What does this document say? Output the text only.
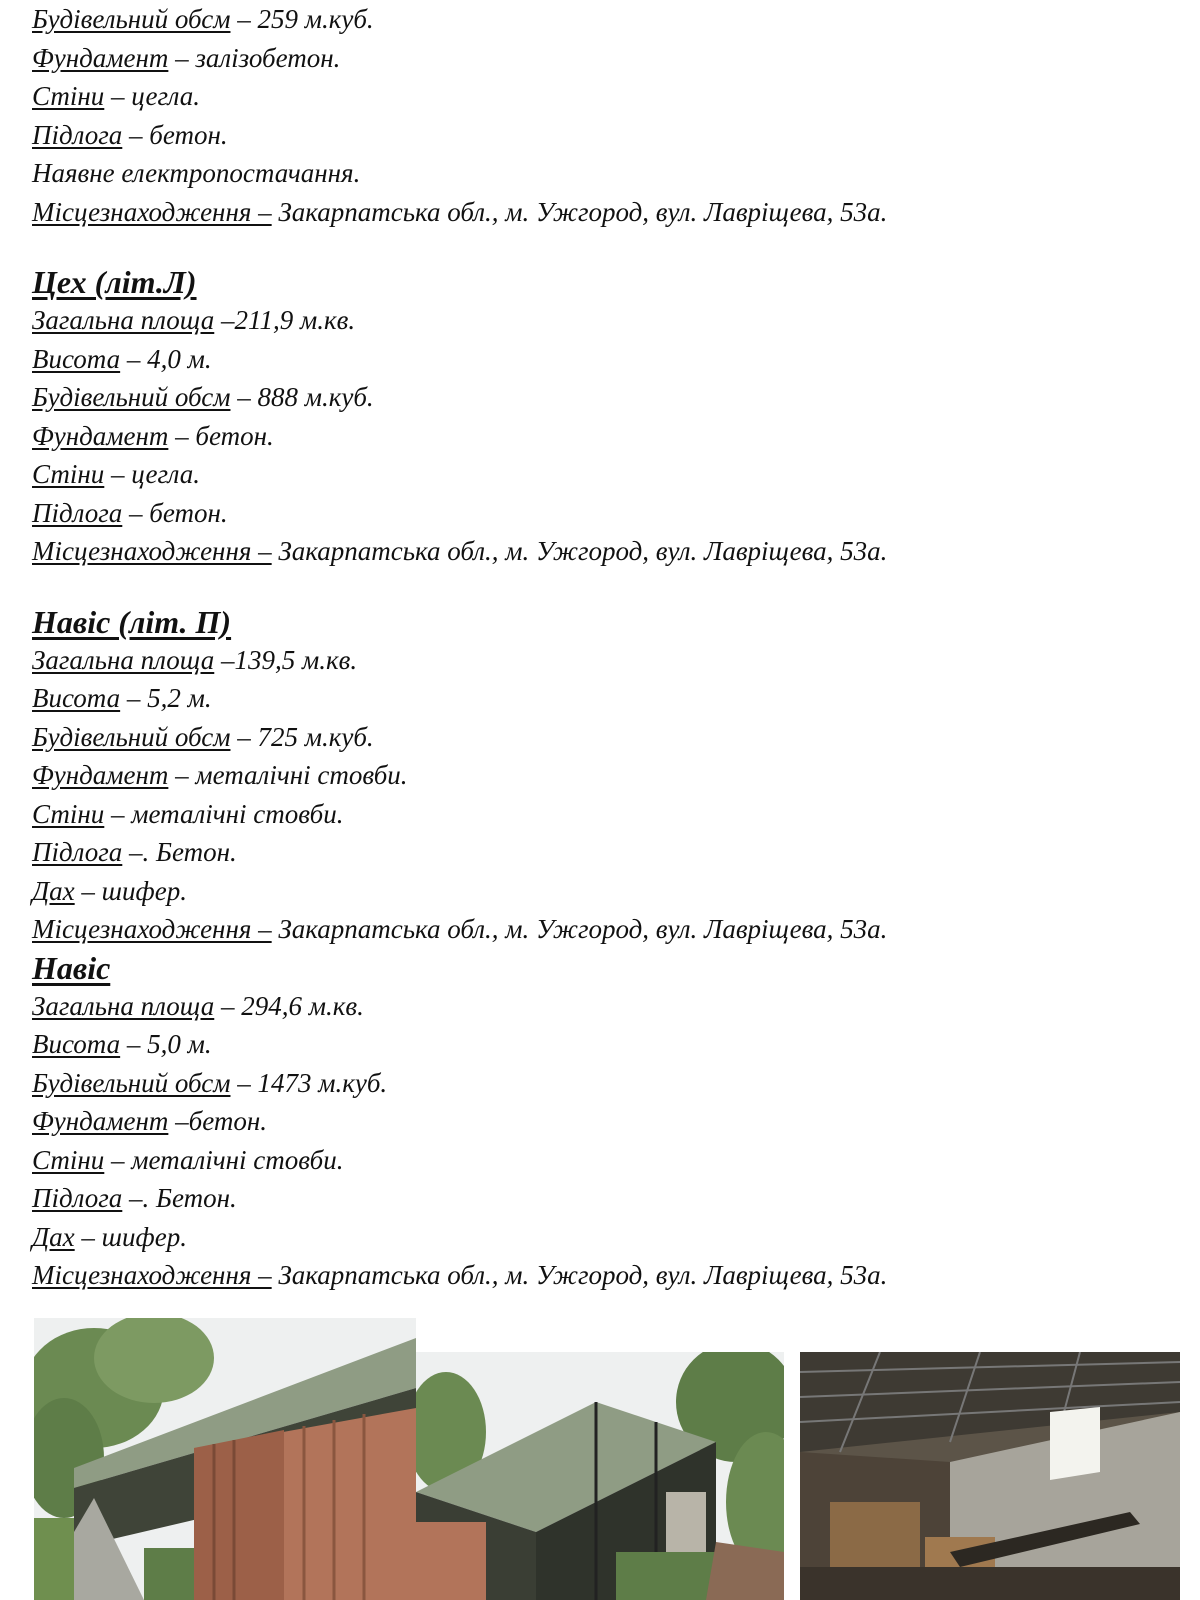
Будівельний обсм – 259 м.куб.
Фундамент – залізобетон.
Стіни – цегла.
Підлога – бетон.
Наявне електропостачання.
Місцезнаходження – Закарпатська обл., м. Ужгород, вул. Лавріщева, 53а.
Цех (літ.Л)
Загальна площа –211,9 м.кв.
Висота – 4,0 м.
Будівельний обсм – 888 м.куб.
Фундамент – бетон.
Стіни – цегла.
Підлога – бетон.
Місцезнаходження – Закарпатська обл., м. Ужгород, вул. Лавріщева, 53а.
Навіс (літ. П)
Загальна площа –139,5 м.кв.
Висота – 5,2 м.
Будівельний обсм – 725 м.куб.
Фундамент – металічні стовби.
Стіни – металічні стовби.
Підлога –. Бетон.
Дах – шифер.
Місцезнаходження – Закарпатська обл., м. Ужгород, вул. Лавріщева, 53а.
Навіс
Загальна площа – 294,6 м.кв.
Висота – 5,0 м.
Будівельний обсм – 1473 м.куб.
Фундамент –бетон.
Стіни – металічні стовби.
Підлога –. Бетон.
Дах – шифер.
Місцезнаходження – Закарпатська обл., м. Ужгород, вул. Лавріщева, 53а.
